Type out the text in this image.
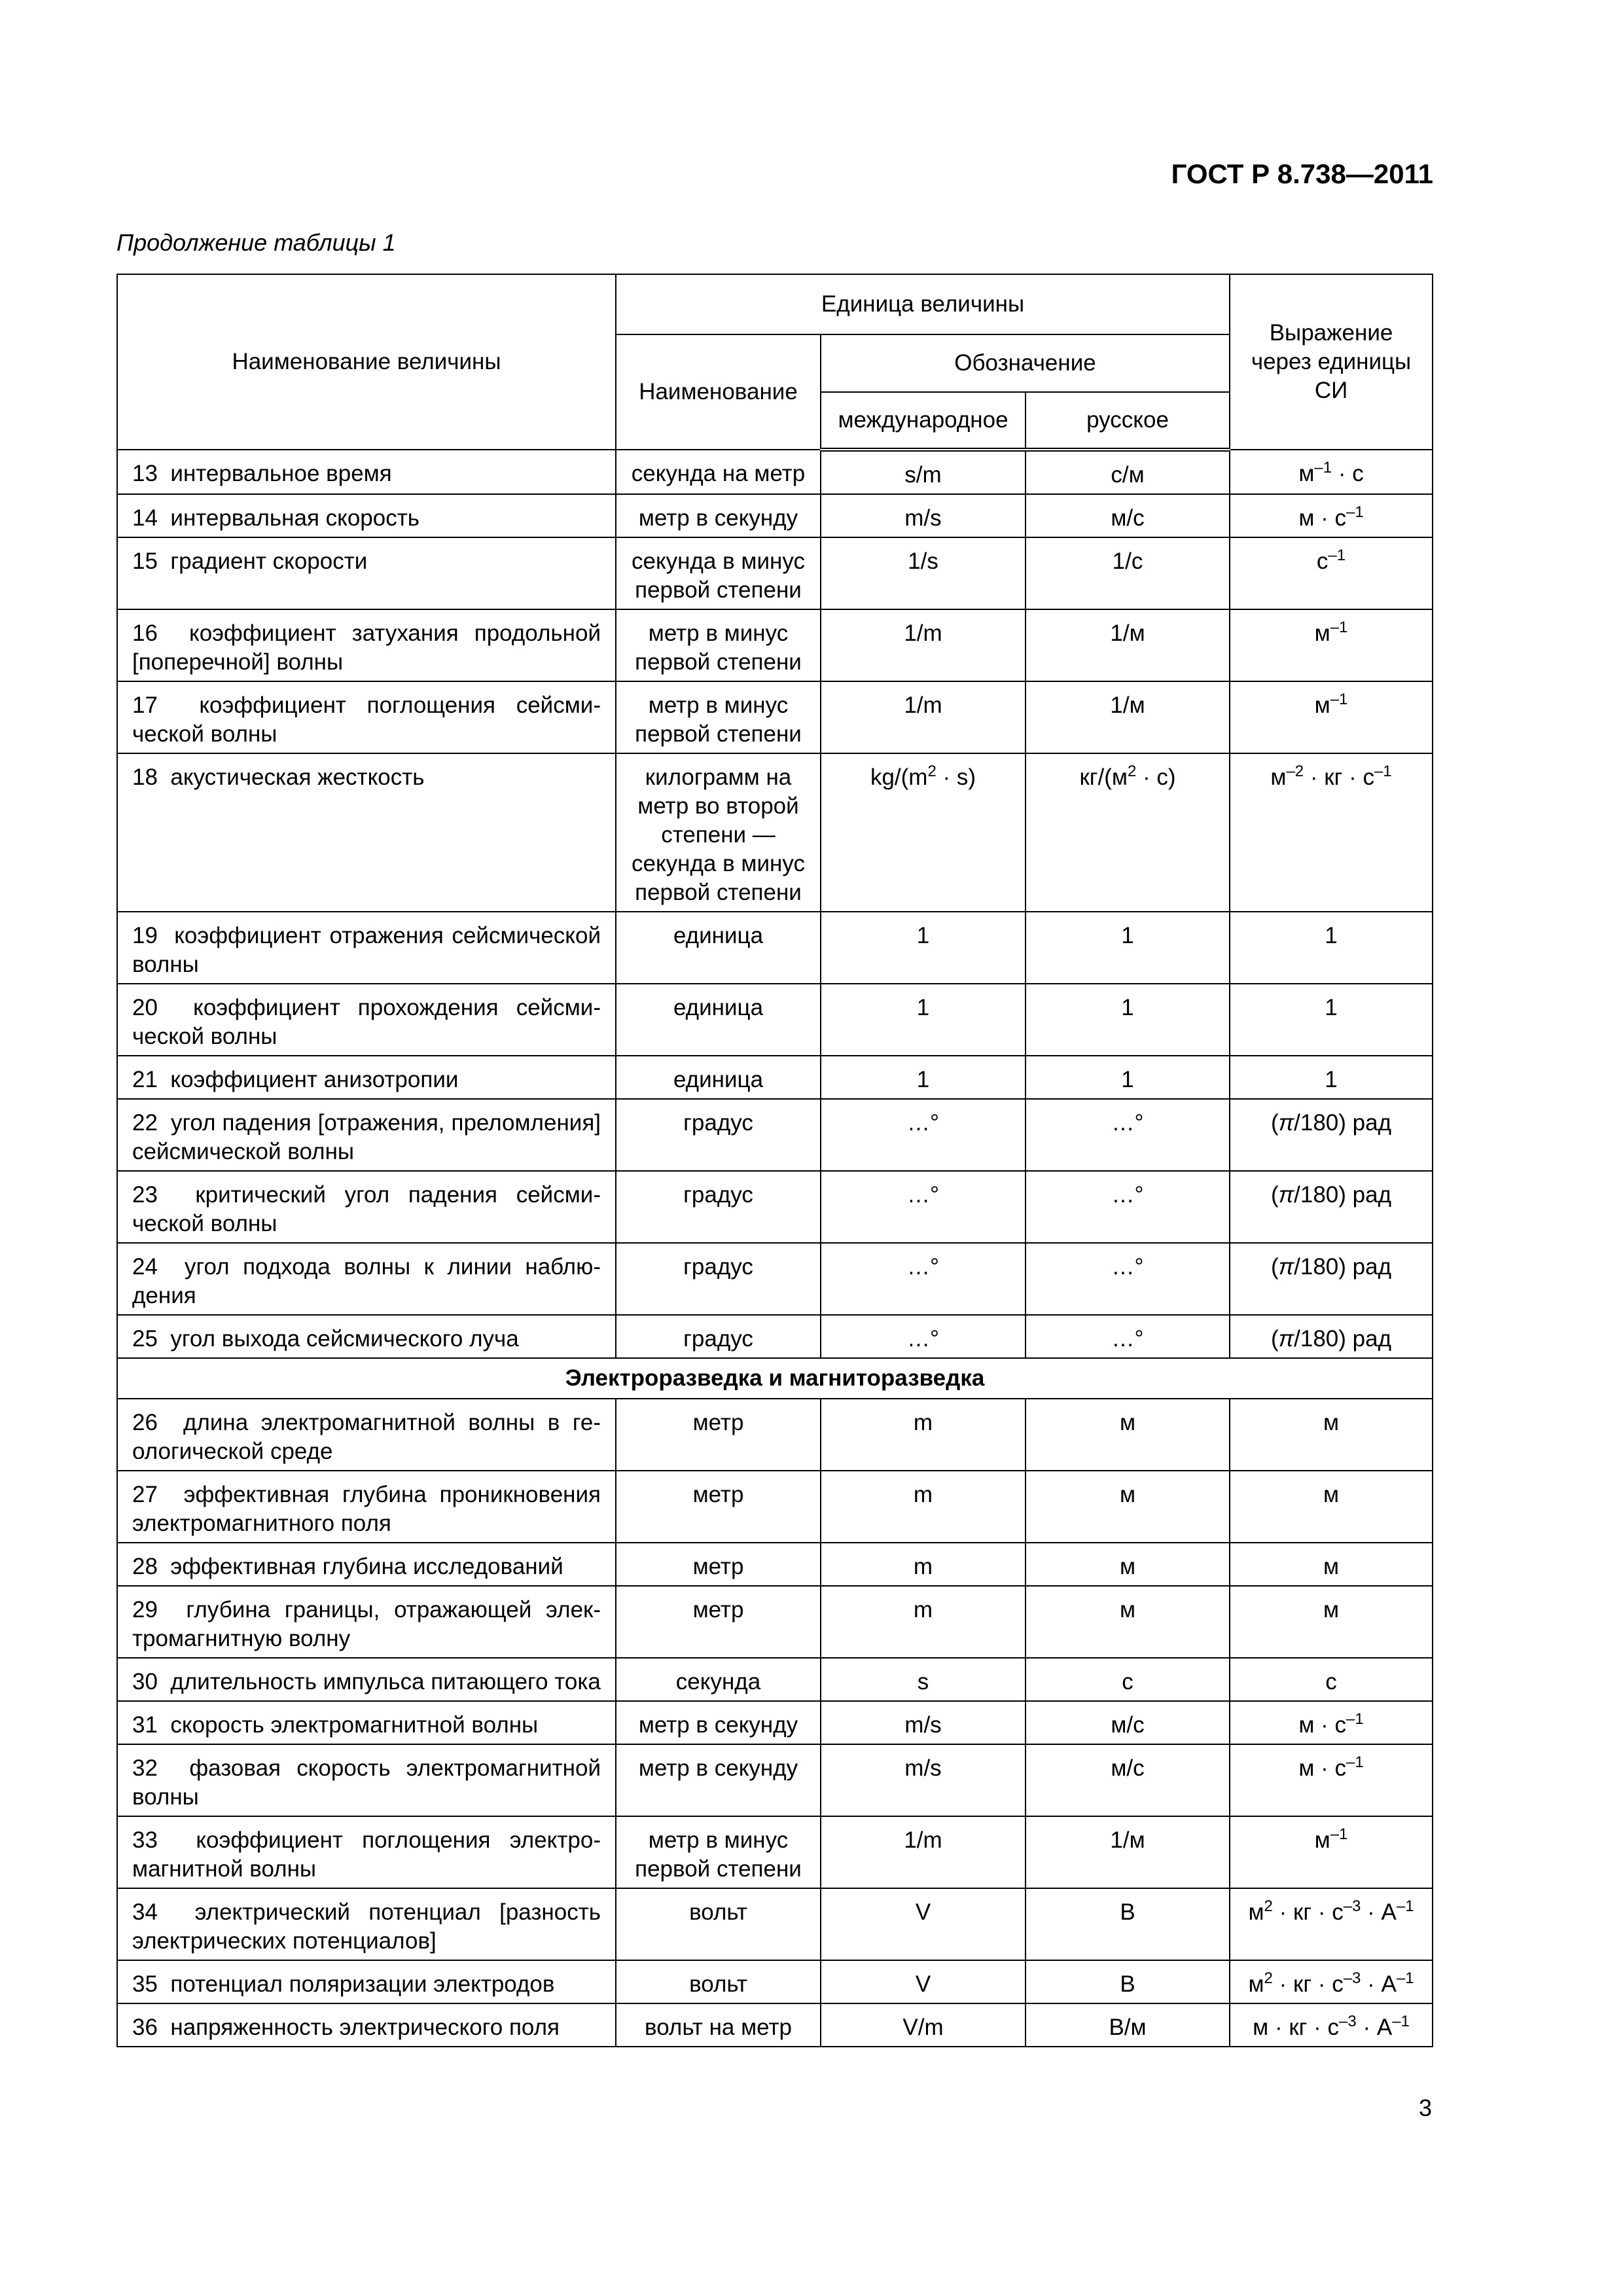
ГОСТ Р 8.738—2011
Продолжение таблицы 1
Наименование величины	Единица величины			Выражение через единицы СИ
	Наименование	Обозначение		
		международное	русское	
13 интервальное время	секунда на метр	s/m	с/м	$м^{-1} \cdot с$
14 интервальная скорость	метр в секунду	m/s	м/с	$м \cdot с^{-1}$
15 градиент скорости	секунда в минус первой степени	1/s	1/с	$с^{-1}$
16 коэффициент затухания продольной [поперечной] волны	метр в минус первой степени	1/m	1/м	$м^{-1}$
17 коэффициент поглощения сейсмической волны	метр в минус первой степени	1/m	1/м	$м^{-1}$
18 акустическая жесткость	килограмм на метр во второй степени — секунда в минус первой степени	$kg/(m^2 \cdot s)$	$кг/(м^2 \cdot с)$	$м^{-2}$ · кг · $с^{-1}$
19 коэффициент отражения сейсмической волны	единица	1	1	1
20 коэффициент прохождения сейсмической волны	единица	1	1	1
21 коэффициент анизотропии	единица	1	1	1
22 угол падения [отражения, преломления] сейсмической волны	градус	…°	…°	(π/180) рад
23 критический угол падения сейсмической волны	градус	…°	…°	(π/180) рад
24 угол подхода волны к линии наблюдения	градус	…°	…°	(π/180) рад
25 угол выхода сейсмического луча	градус	…°	…°	(π/180) рад
Электроразведка и магниторазведка				
26 длина электромагнитной волны в геологической среде	метр	m	м	м
27 эффективная глубина проникновения электромагнитного поля	метр	m	м	м
28 эффективная глубина исследований	метр	m	м	м
29 глубина границы, отражающей электромагнитную волну	метр	m	м	м
30 длительность импульса питающего тока	секунда	s	с	с
31 скорость электромагнитной волны	метр в секунду	m/s	м/с	$м \cdot с^{-1}$
32 фазовая скорость электромагнитной волны	метр в секунду	m/s	м/с	$м \cdot с^{-1}$
33 коэффициент поглощения электромагнитной волны	метр в минус первой степени	1/m	1/м	$м^{-1}$
34 электрический потенциал [разность электрических потенциалов]	вольт	V	В	$м^2$ · кг · $с^{-3} \cdot А^{-1}$
35 потенциал поляризации электродов	вольт	V	В	$м^2$ · кг · $с^{-3} \cdot А^{-1}$
36 напряженность электрического поля	вольт на метр	V/m	В/м	м · кг · $с^{-3} \cdot А^{-1}$
3
